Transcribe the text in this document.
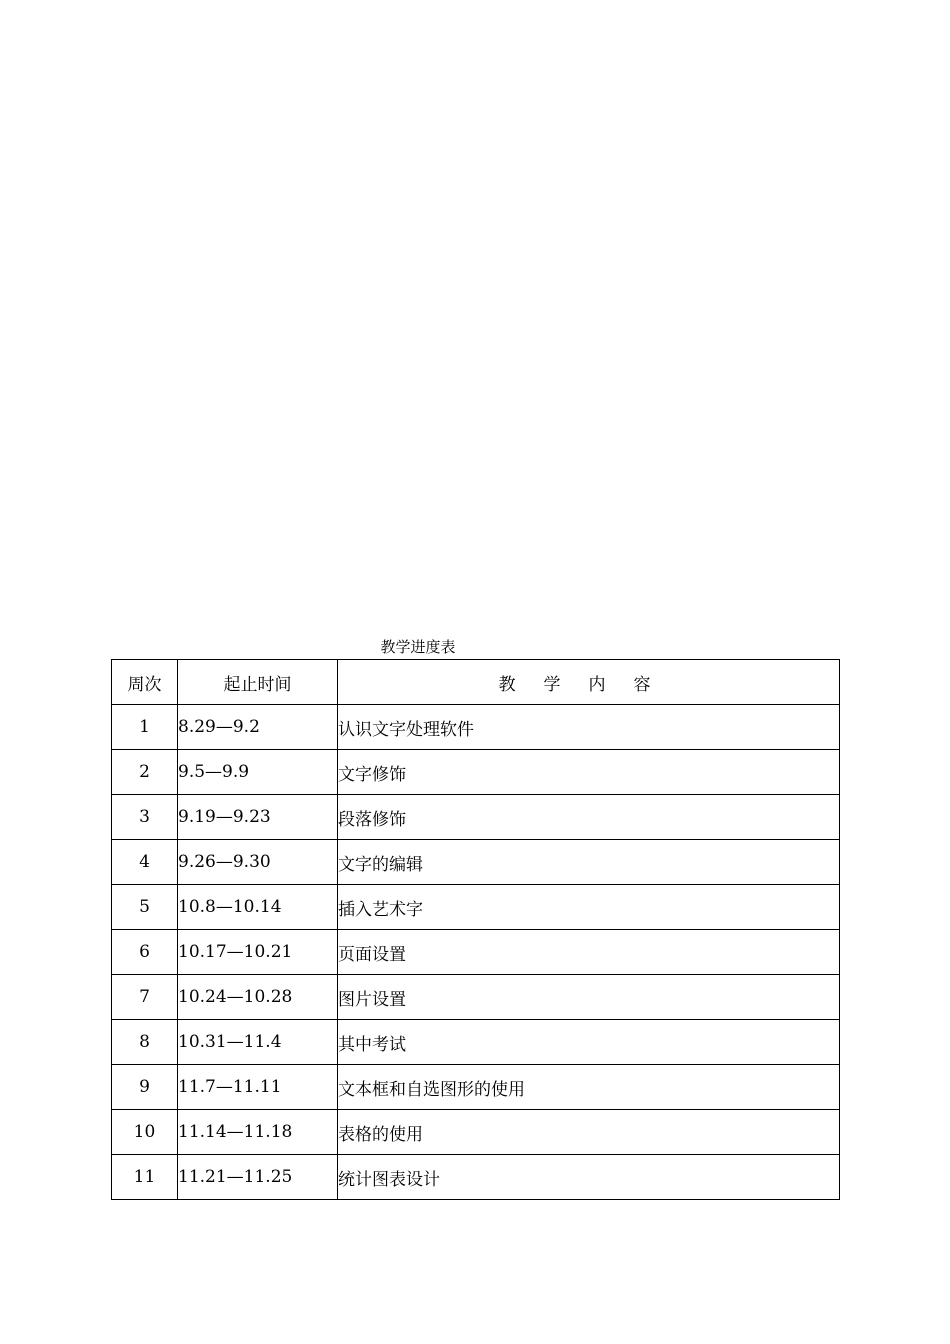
教学进度表
周次	起止时间	教学内容
1	8.29—9.2	认识文字处理软件
2	9.5—9.9	文字修饰
3	9.19—9.23	段落修饰
4	9.26—9.30	文字的编辑
5	10.8—10.14	插入艺术字
6	10.17—10.21	页面设置
7	10.24—10.28	图片设置
8	10.31—11.4	其中考试
9	11.7—11.11	文本框和自选图形的使用
10	11.14—11.18	表格的使用
11	11.21—11.25	统计图表设计
